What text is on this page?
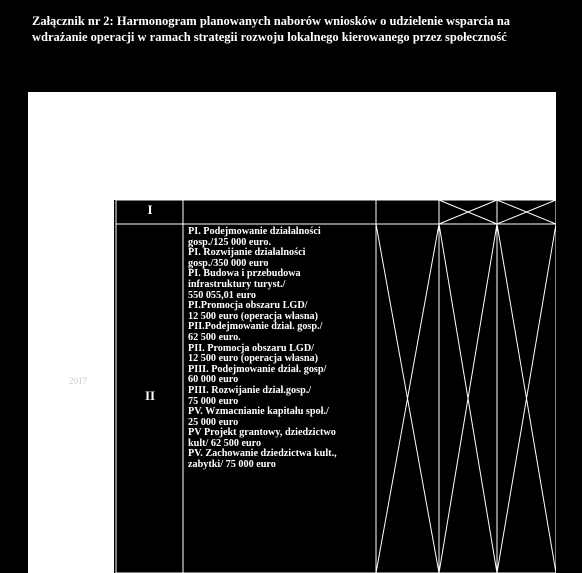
Załącznik nr 2: Harmonogram planowanych naborów wniosków o udzielenie wsparcia na wdrażanie operacji w ramach strategii rozwoju lokalnego kierowanego przez społeczność

2017
I
II
PI. Podejmowanie działalności
gosp./125 000 euro.
PI. Rozwijanie działalności
gosp./350 000 euro
PI. Budowa i przebudowa
infrastruktury turyst./
550 055,01 euro
PI.Promocja obszaru LGD/
12 500 euro (operacja własna)
PII.Podejmowanie dział. gosp./
62 500 euro.
PII. Promocja obszaru LGD/
12 500 euro (operacja własna)
PIII. Podejmowanie dział. gosp/
60 000 euro
PIII. Rozwijanie dział.gosp./
75 000 euro
PV. Wzmacnianie kapitału społ./
25 000 euro
PV Projekt grantowy, dziedzictwo
kult/ 62 500 euro
PV. Zachowanie dziedzictwa kult.,
zabytki/ 75 000 euro
